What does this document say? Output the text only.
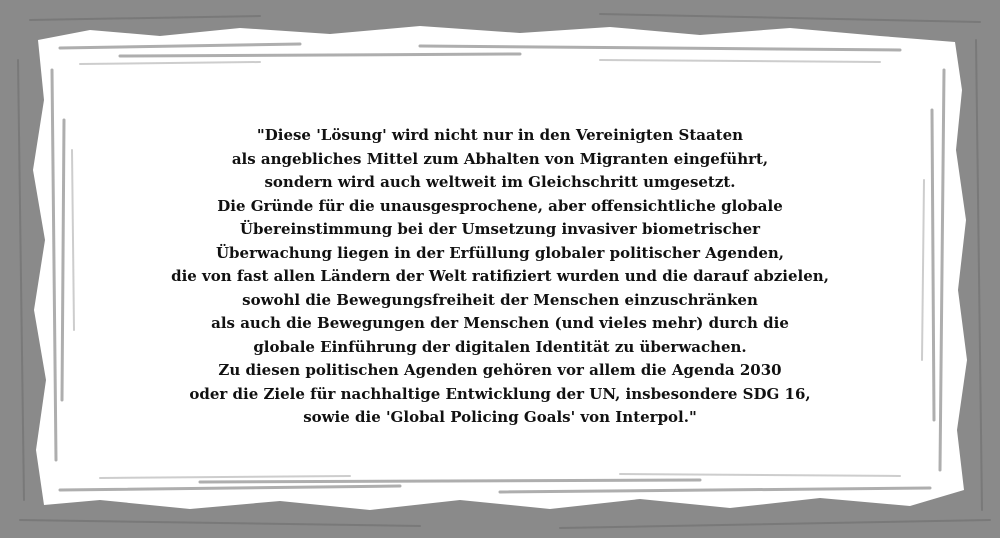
"Diese 'Lösung' wird nicht nur in den Vereinigten Staaten
als angebliches Mittel zum Abhalten von Migranten eingeführt,
sondern wird auch weltweit im Gleichschritt umgesetzt.
Die Gründe für die unausgesprochene, aber offensichtliche globale
Übereinstimmung bei der Umsetzung invasiver biometrischer
Überwachung liegen in der Erfüllung globaler politischer Agenden,
die von fast allen Ländern der Welt ratifiziert wurden und die darauf abzielen,
sowohl die Bewegungsfreiheit der Menschen einzuschränken
als auch die Bewegungen der Menschen (und vieles mehr) durch die
globale Einführung der digitalen Identität zu überwachen.
Zu diesen politischen Agenden gehören vor allem die Agenda 2030
oder die Ziele für nachhaltige Entwicklung der UN, insbesondere SDG 16,
sowie die 'Global Policing Goals' von Interpol."
